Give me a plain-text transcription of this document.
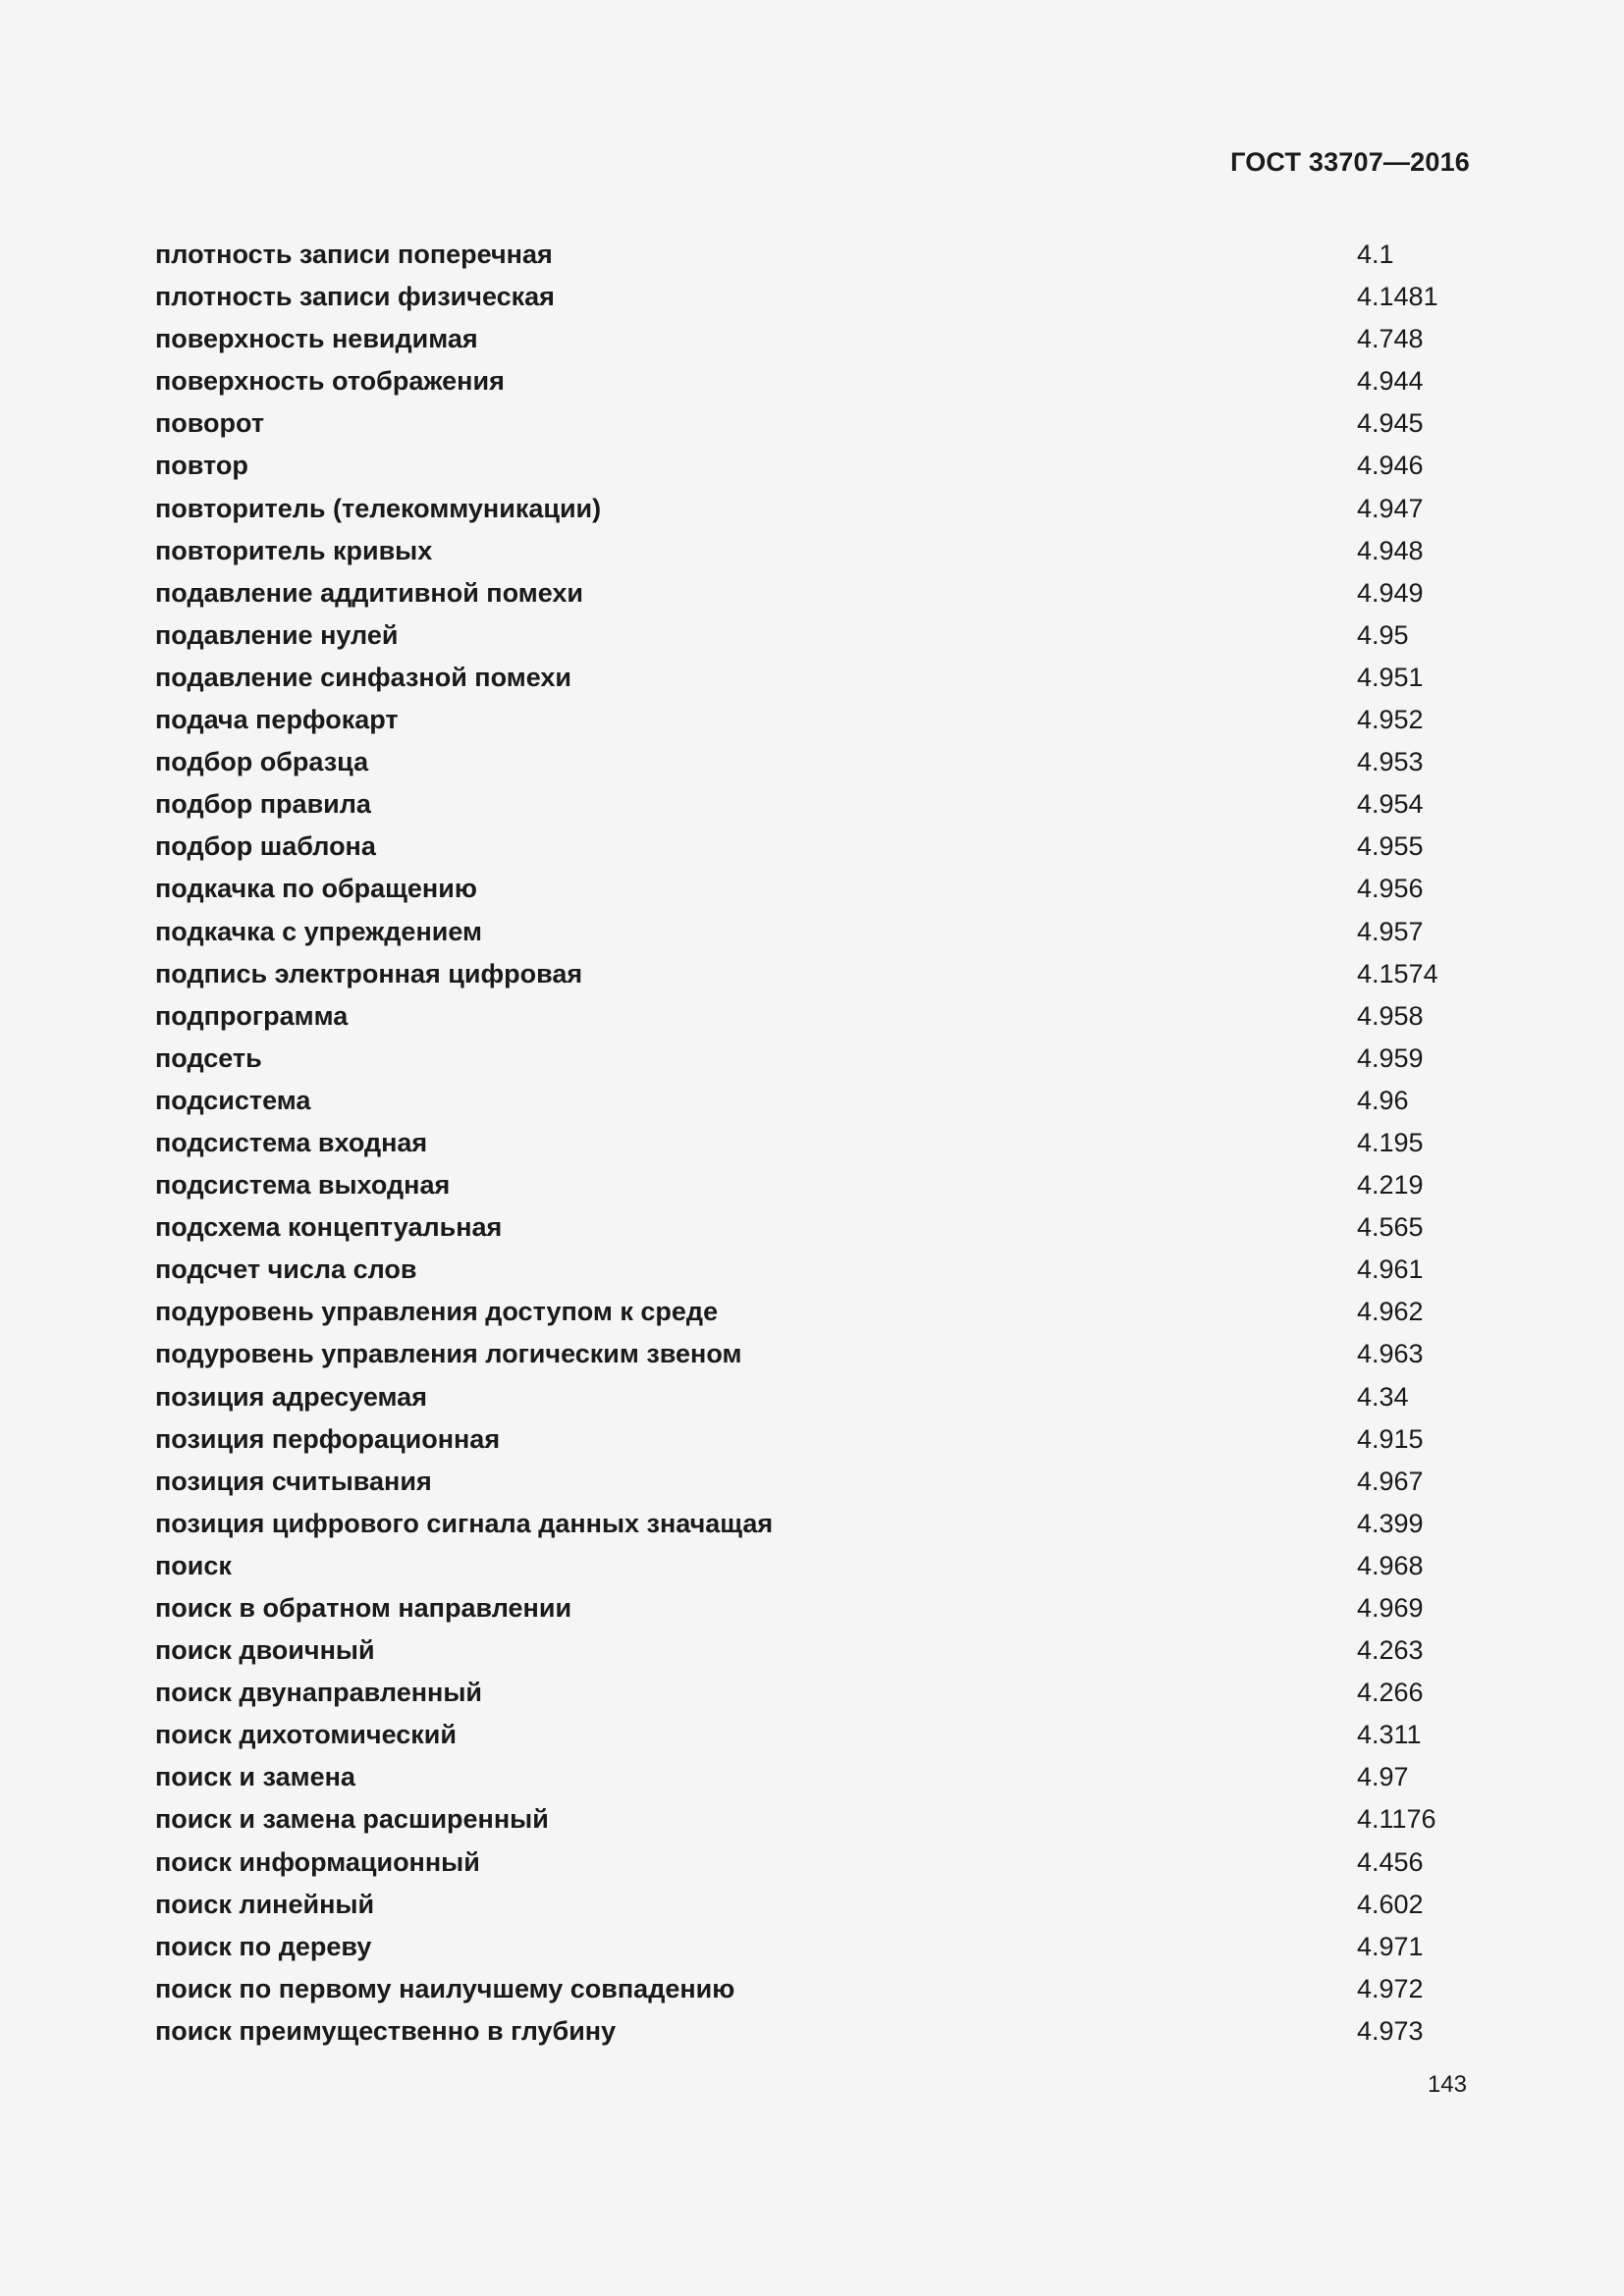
ГОСТ 33707—2016
плотность записи поперечная	4.1
плотность записи физическая	4.1481
поверхность невидимая	4.748
поверхность отображения	4.944
поворот	4.945
повтор	4.946
повторитель (телекоммуникации)	4.947
повторитель кривых	4.948
подавление аддитивной помехи	4.949
подавление нулей	4.95
подавление синфазной помехи	4.951
подача перфокарт	4.952
подбор образца	4.953
подбор правила	4.954
подбор шаблона	4.955
подкачка по обращению	4.956
подкачка с упреждением	4.957
подпись электронная цифровая	4.1574
подпрограмма	4.958
подсеть	4.959
подсистема	4.96
подсистема входная	4.195
подсистема выходная	4.219
подсхема концептуальная	4.565
подсчет числа слов	4.961
подуровень управления доступом к среде	4.962
подуровень управления логическим звеном	4.963
позиция адресуемая	4.34
позиция перфорационная	4.915
позиция считывания	4.967
позиция цифрового сигнала данных значащая	4.399
поиск	4.968
поиск в обратном направлении	4.969
поиск двоичный	4.263
поиск двунаправленный	4.266
поиск дихотомический	4.311
поиск и замена	4.97
поиск и замена расширенный	4.1176
поиск информационный	4.456
поиск линейный	4.602
поиск по дереву	4.971
поиск по первому наилучшему совпадению	4.972
поиск преимущественно в глубину	4.973
143
